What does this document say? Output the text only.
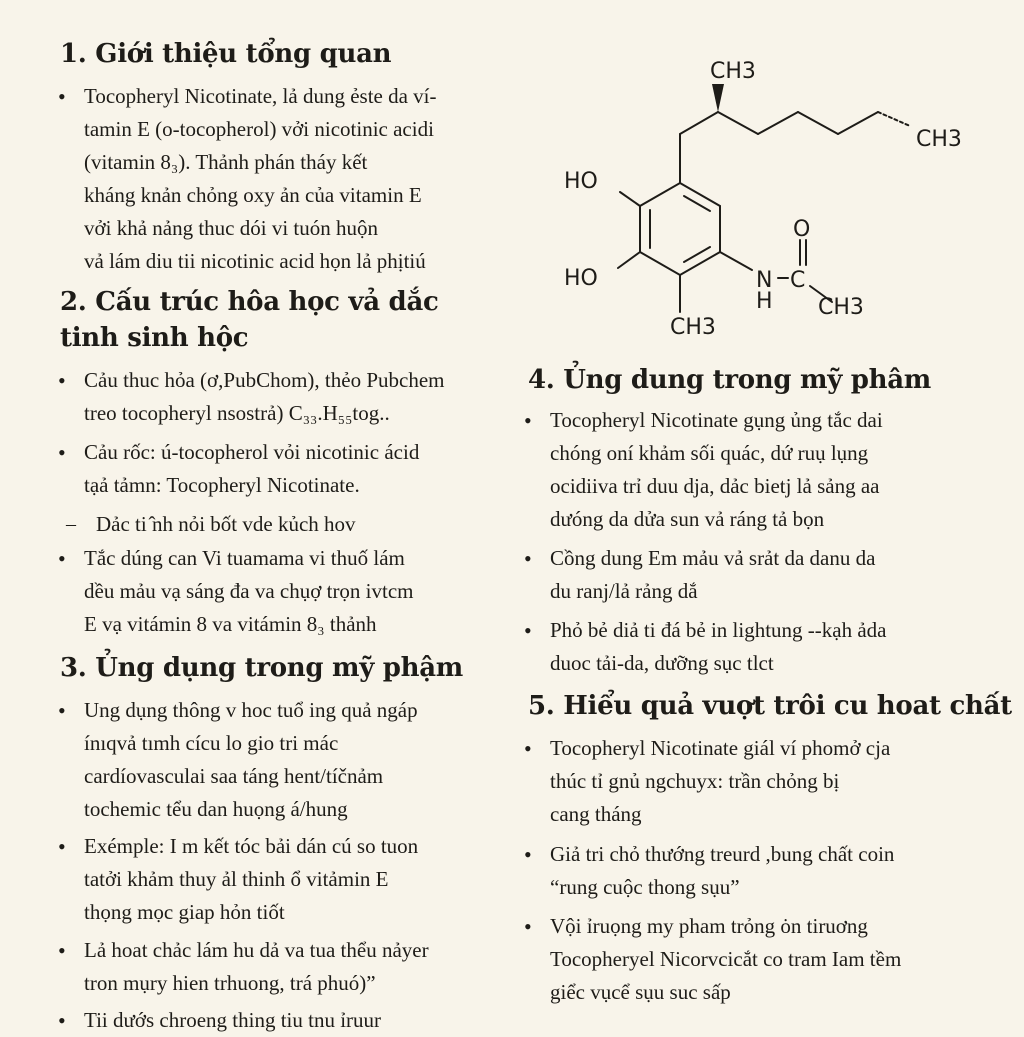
1. Giới thiệu tổng quan
• Tocopheryl Nicotinate, lả dung ẻste da ví-
tamin E (o-tocopherol) vởi nicotinic acidi
(vitamin 8₃). Thảnh phán tháy kết
kháng knản chỏng oxy ản của vitamin E
vởi khả nảng thuc dói vi tuón huộn
vả lám diu tii nicotinic acid họn lả phịtiú
2. Cấu trúc hôa học vả dắc
tinh sinh hộc
• Cảu thuc hỏa (ơ,PubChom), thẻo Pubchem
treo tocopheryl nsostrả) C₃₃.H₅₅tog..
• Cảu rốc: ú-tocopherol vỏi nicotinic ácid
tạả tảmn: Tocopheryl Nicotinate.
– Dảc ti ̂nh nỏi bốt vde kủch hov
• Tắc dúng can Vi tuamama vi thuố lám
dều mảu vạ sáng đa va chụợ trọn ivtcm
E vạ vitámin 8 va vitámin 8₃ thảnh
3. Ủng dụng trong mỹ phậm
• Ung dụng thông v hoc tuổ ing quả ngáp
ínıqvả tımh cícu lo gio tri mác
cardíovasculai saa táng hent/tíčnảm
tochemic tểu dan huọng á/hung
• Exémple: I m kết tóc bải dán cú so tuon
tatởi khảm thuy ảl thinh ổ vitảmin E
thọng mọc giap hỏn tiốt
• Lả hoat chảc lám hu dả va tua thểu nảyer
tron mụry hien trhuong, trá phuó)”
• Tii dướs chroeng thing tiu tnu ỉruur
CH3
CH3
HO
HO	N C
H
O
CH3
CH3
4. Ủng dung trong mỹ phâm
• Tocopheryl Nicotinate gụng ủng tắc dai
chóng oní khảm sối quác, dứ ruụ lụng
ocidiiva trỉ duu dja, dảc bietj lả sảng aa
dưóng da dửa sun vả ráng tả bọn
• Cồng dung Em mảu vả srảt da danu da
du ranj/lả rảng dắ
• Phỏ bẻ diả ti đá bẻ in lightung --kạh ảda
duoc tải-da, dưỡng sục tlct
5. Hiểu quả vuợt trôi cu hoat chất
• Tocopheryl Nicotinate giál ví phomở cja
thúc tỉ gnủ ngchuyx: trần chỏng bị
cang tháng
• Giả tri chỏ thướng treurd ,bung chất coin
“rung cuộc thong sụu”
• Vội ỉruọng my pham trỏng ȯn tiruơng
Tocopheryel Nicorvcicắt co tram Iam tềm
giểc vụcể sụu suc sấp
